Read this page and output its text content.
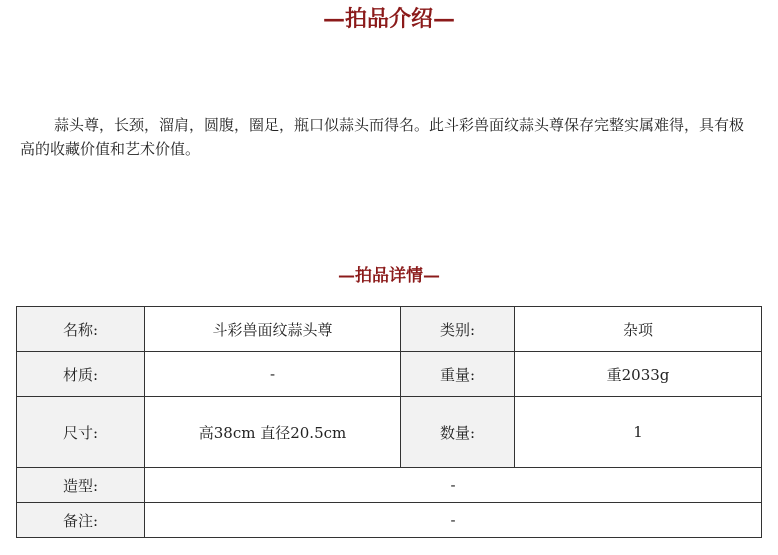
—拍品介绍—

蒜头尊，长颈，溜肩，圆腹，圈足，瓶口似蒜头而得名。此斗彩兽面纹蒜头尊保存完整实属难得，具有极高的收藏价值和艺术价值。

—拍品详情—
名称:	斗彩兽面纹蒜头尊	类别:	杂项
材质:	-	重量:	重2033g
尺寸:	高38cm 直径20.5cm	数量:	1
造型:	-		
备注:	-		
